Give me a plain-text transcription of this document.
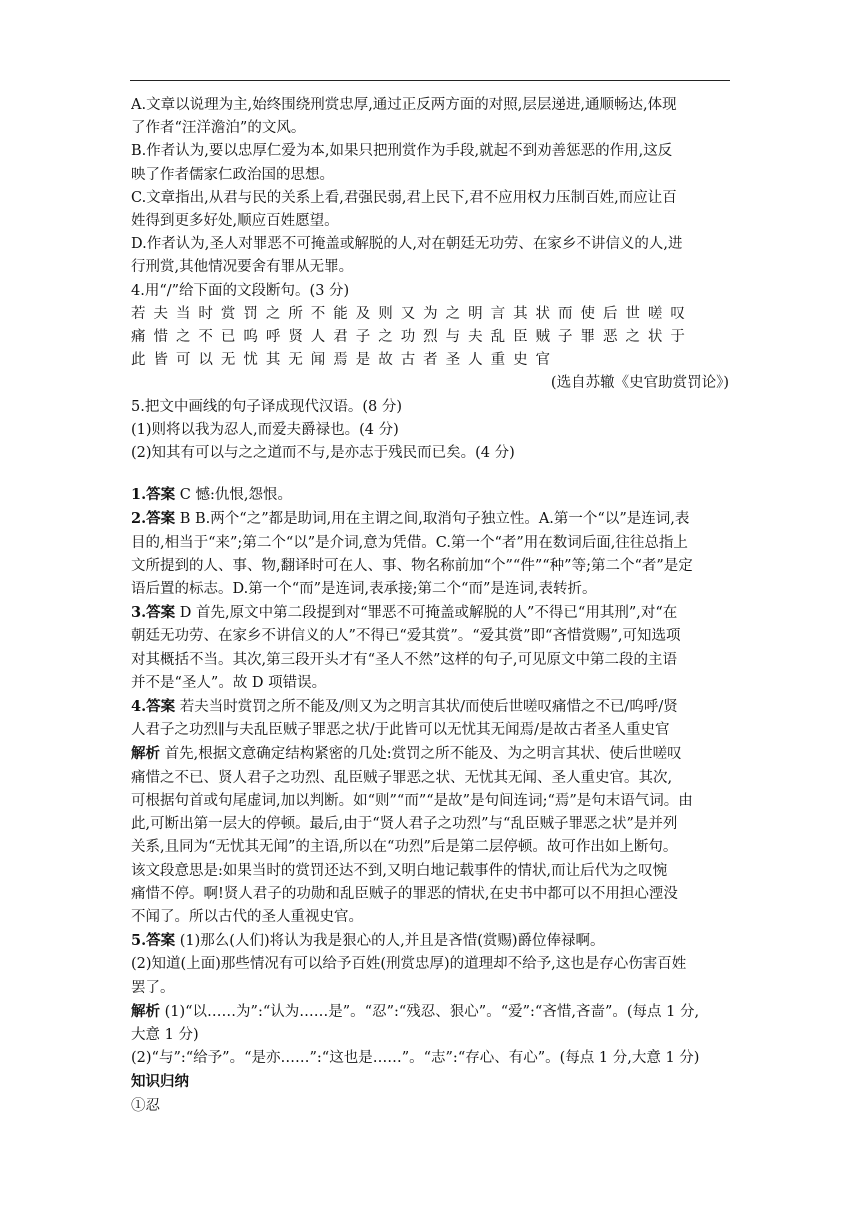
A.文章以说理为主,始终围绕刑赏忠厚,通过正反两方面的对照,层层递进,通顺畅达,体现
了作者“汪洋澹泊”的文风。
B.作者认为,要以忠厚仁爱为本,如果只把刑赏作为手段,就起不到劝善惩恶的作用,这反
映了作者儒家仁政治国的思想。
C.文章指出,从君与民的关系上看,君强民弱,君上民下,君不应用权力压制百姓,而应让百
姓得到更多好处,顺应百姓愿望。
D.作者认为,圣人对罪恶不可掩盖或解脱的人,对在朝廷无功劳、在家乡不讲信义的人,进
行刑赏,其他情况要舍有罪从无罪。
4.用“/”给下面的文段断句。(3 分)
若夫当时赏罚之所不能及则又为之明言其状而使后世嗟叹
痛惜之不已呜呼贤人君子之功烈与夫乱臣贼子罪恶之状于
此皆可以无忧其无闻焉是故古者圣人重史官
(选自苏辙《史官助赏罚论》)
5.把文中画线的句子译成现代汉语。(8 分)
(1)则将以我为忍人,而爱夫爵禄也。(4 分)
(2)知其有可以与之之道而不与,是亦志于残民而已矣。(4 分)
1.答案 C 憾:仇恨,怨恨。
2.答案 B B.两个“之”都是助词,用在主谓之间,取消句子独立性。A.第一个“以”是连词,表
目的,相当于“来”;第二个“以”是介词,意为凭借。C.第一个“者”用在数词后面,往往总指上
文所提到的人、事、物,翻译时可在人、事、物名称前加“个”“件”“种”等;第二个“者”是定
语后置的标志。D.第一个“而”是连词,表承接;第二个“而”是连词,表转折。
3.答案 D 首先,原文中第二段提到对“罪恶不可掩盖或解脱的人”不得已“用其刑”,对“在
朝廷无功劳、在家乡不讲信义的人”不得已“爱其赏”。“爱其赏”即“吝惜赏赐”,可知选项
对其概括不当。其次,第三段开头才有“圣人不然”这样的句子,可见原文中第二段的主语
并不是“圣人”。故 D 项错误。
4.答案 若夫当时赏罚之所不能及/则又为之明言其状/而使后世嗟叹痛惜之不已/呜呼/贤
人君子之功烈∥与夫乱臣贼子罪恶之状/于此皆可以无忧其无闻焉/是故古者圣人重史官
解析 首先,根据文意确定结构紧密的几处:赏罚之所不能及、为之明言其状、使后世嗟叹
痛惜之不已、贤人君子之功烈、乱臣贼子罪恶之状、无忧其无闻、圣人重史官。其次,
可根据句首或句尾虚词,加以判断。如“则”“而”“是故”是句间连词;“焉”是句末语气词。由
此,可断出第一层大的停顿。最后,由于“贤人君子之功烈”与“乱臣贼子罪恶之状”是并列
关系,且同为“无忧其无闻”的主语,所以在“功烈”后是第二层停顿。故可作出如上断句。
该文段意思是:如果当时的赏罚还达不到,又明白地记载事件的情状,而让后代为之叹惋
痛惜不停。啊!贤人君子的功勋和乱臣贼子的罪恶的情状,在史书中都可以不用担心湮没
不闻了。所以古代的圣人重视史官。
5.答案 (1)那么(人们)将认为我是狠心的人,并且是吝惜(赏赐)爵位俸禄啊。
(2)知道(上面)那些情况有可以给予百姓(刑赏忠厚)的道理却不给予,这也是存心伤害百姓
罢了。
解析 (1)“以……为”:“认为……是”。“忍”:“残忍、狠心”。“爱”:“吝惜,吝啬”。(每点 1 分,
大意 1 分)
(2)“与”:“给予”。“是亦……”:“这也是……”。“志”:“存心、有心”。(每点 1 分,大意 1 分)
知识归纳
①忍
